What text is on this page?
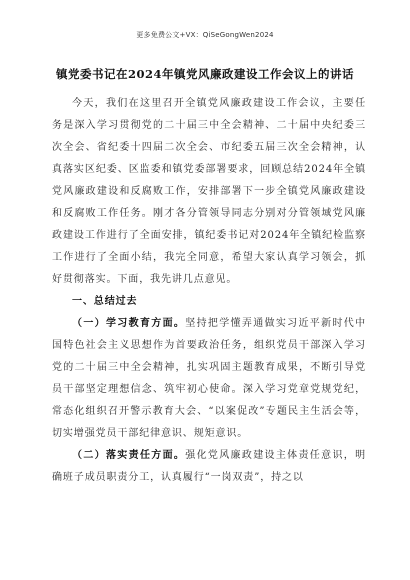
更多免费公文+VX：QiSeGongWen2024
镇党委书记在2024年镇党风廉政建设工作会议上的讲话

今天，我们在这里召开全镇党风廉政建设工作会议，主要任务是深入学习贯彻党的二十届三中全会精神、二十届中央纪委三次全会、省纪委十四届二次全会、市纪委五届三次全会精神，认真落实区纪委、区监委和镇党委部署要求，回顾总结2024年全镇党风廉政建设和反腐败工作，安排部署下一步全镇党风廉政建设和反腐败工作任务。刚才各分管领导同志分别对分管领域党风廉政建设工作进行了全面安排，镇纪委书记对2024年全镇纪检监察工作进行了全面小结，我完全同意，希望大家认真学习领会，抓好贯彻落实。下面，我先讲几点意见。

一、总结过去

（一）学习教育方面。坚持把学懂弄通做实习近平新时代中国特色社会主义思想作为首要政治任务，组织党员干部深入学习党的二十届三中全会精神，扎实巩固主题教育成果，不断引导党员干部坚定理想信念、筑牢初心使命。深入学习党章党规党纪，常态化组织召开警示教育大会、“以案促改”专题民主生活会等，切实增强党员干部纪律意识、规矩意识。

（二）落实责任方面。强化党风廉政建设主体责任意识，明确班子成员职责分工，认真履行“一岗双责”，持之以
